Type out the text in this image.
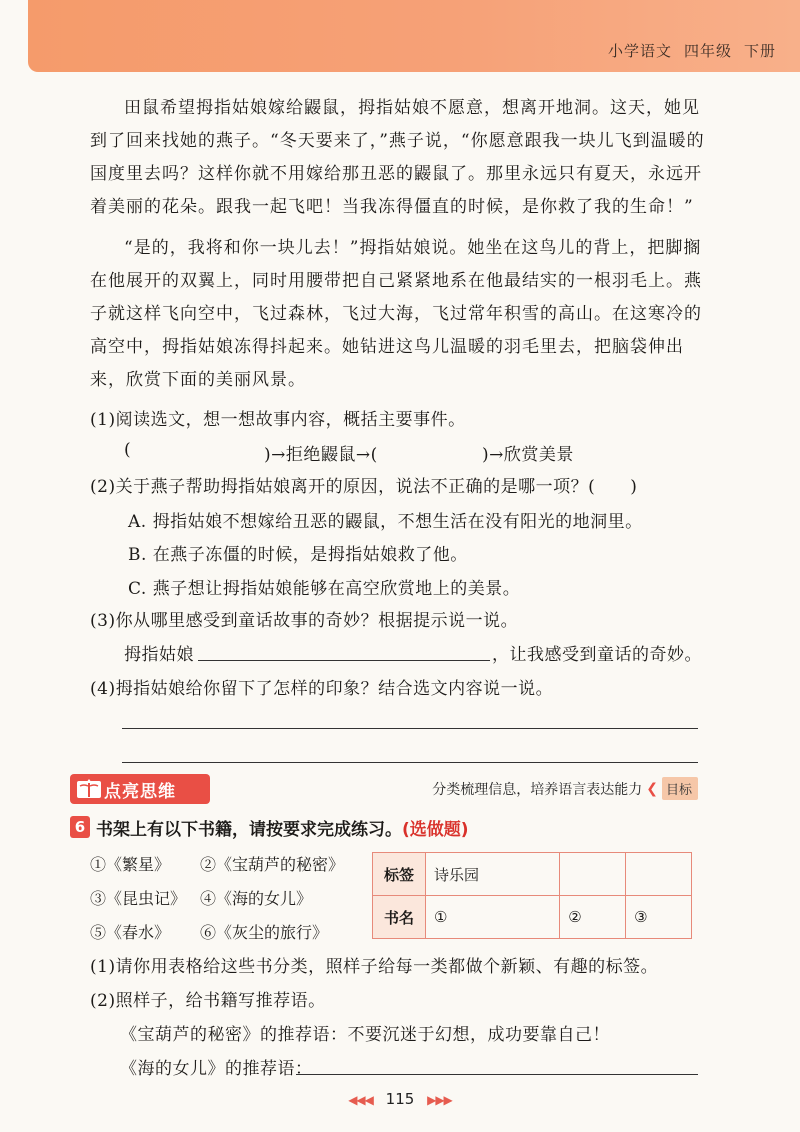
小学语文 四年级 下册
田鼠希望拇指姑娘嫁给鼹鼠，拇指姑娘不愿意，想离开地洞。这天，她见到了回来找她的燕子。“冬天要来了，”燕子说，“你愿意跟我一块儿飞到温暖的国度里去吗？这样你就不用嫁给那丑恶的鼹鼠了。那里永远只有夏天，永远开着美丽的花朵。跟我一起飞吧！当我冻得僵直的时候，是你救了我的生命！”
“是的，我将和你一块儿去！”拇指姑娘说。她坐在这鸟儿的背上，把脚搁在他展开的双翼上，同时用腰带把自己紧紧地系在他最结实的一根羽毛上。燕子就这样飞向空中，飞过森林，飞过大海，飞过常年积雪的高山。在这寒冷的高空中，拇指姑娘冻得抖起来。她钻进这鸟儿温暖的羽毛里去，把脑袋伸出来，欣赏下面的美丽风景。
(1)阅读选文，想一想故事内容，概括主要事件。
(	)→拒绝鼹鼠→(	)→欣赏美景
(2)关于燕子帮助拇指姑娘离开的原因，说法不正确的是哪一项？(　　)
A. 拇指姑娘不想嫁给丑恶的鼹鼠，不想生活在没有阳光的地洞里。
B. 在燕子冻僵的时候，是拇指姑娘救了他。
C. 燕子想让拇指姑娘能够在高空欣赏地上的美景。
(3)你从哪里感受到童话故事的奇妙？根据提示说一说。
拇指姑娘	，让我感受到童话的奇妙。
(4)拇指姑娘给你留下了怎样的印象？结合选文内容说一说。
点亮思维	分类梳理信息，培养语言表达能力 ❮ 目标
6 书架上有以下书籍，请按要求完成练习。(选做题)
①《繁星》 ②《宝葫芦的秘密》
③《昆虫记》 ④《海的女儿》
⑤《春水》 ⑥《灰尘的旅行》
标签	诗乐园		
书名	①	②	③
(1)请你用表格给这些书分类，照样子给每一类都做个新颖、有趣的标签。
(2)照样子，给书籍写推荐语。
《宝葫芦的秘密》的推荐语：不要沉迷于幻想，成功要靠自己！
《海的女儿》的推荐语：
◀◀◀ 115 ▶▶▶
